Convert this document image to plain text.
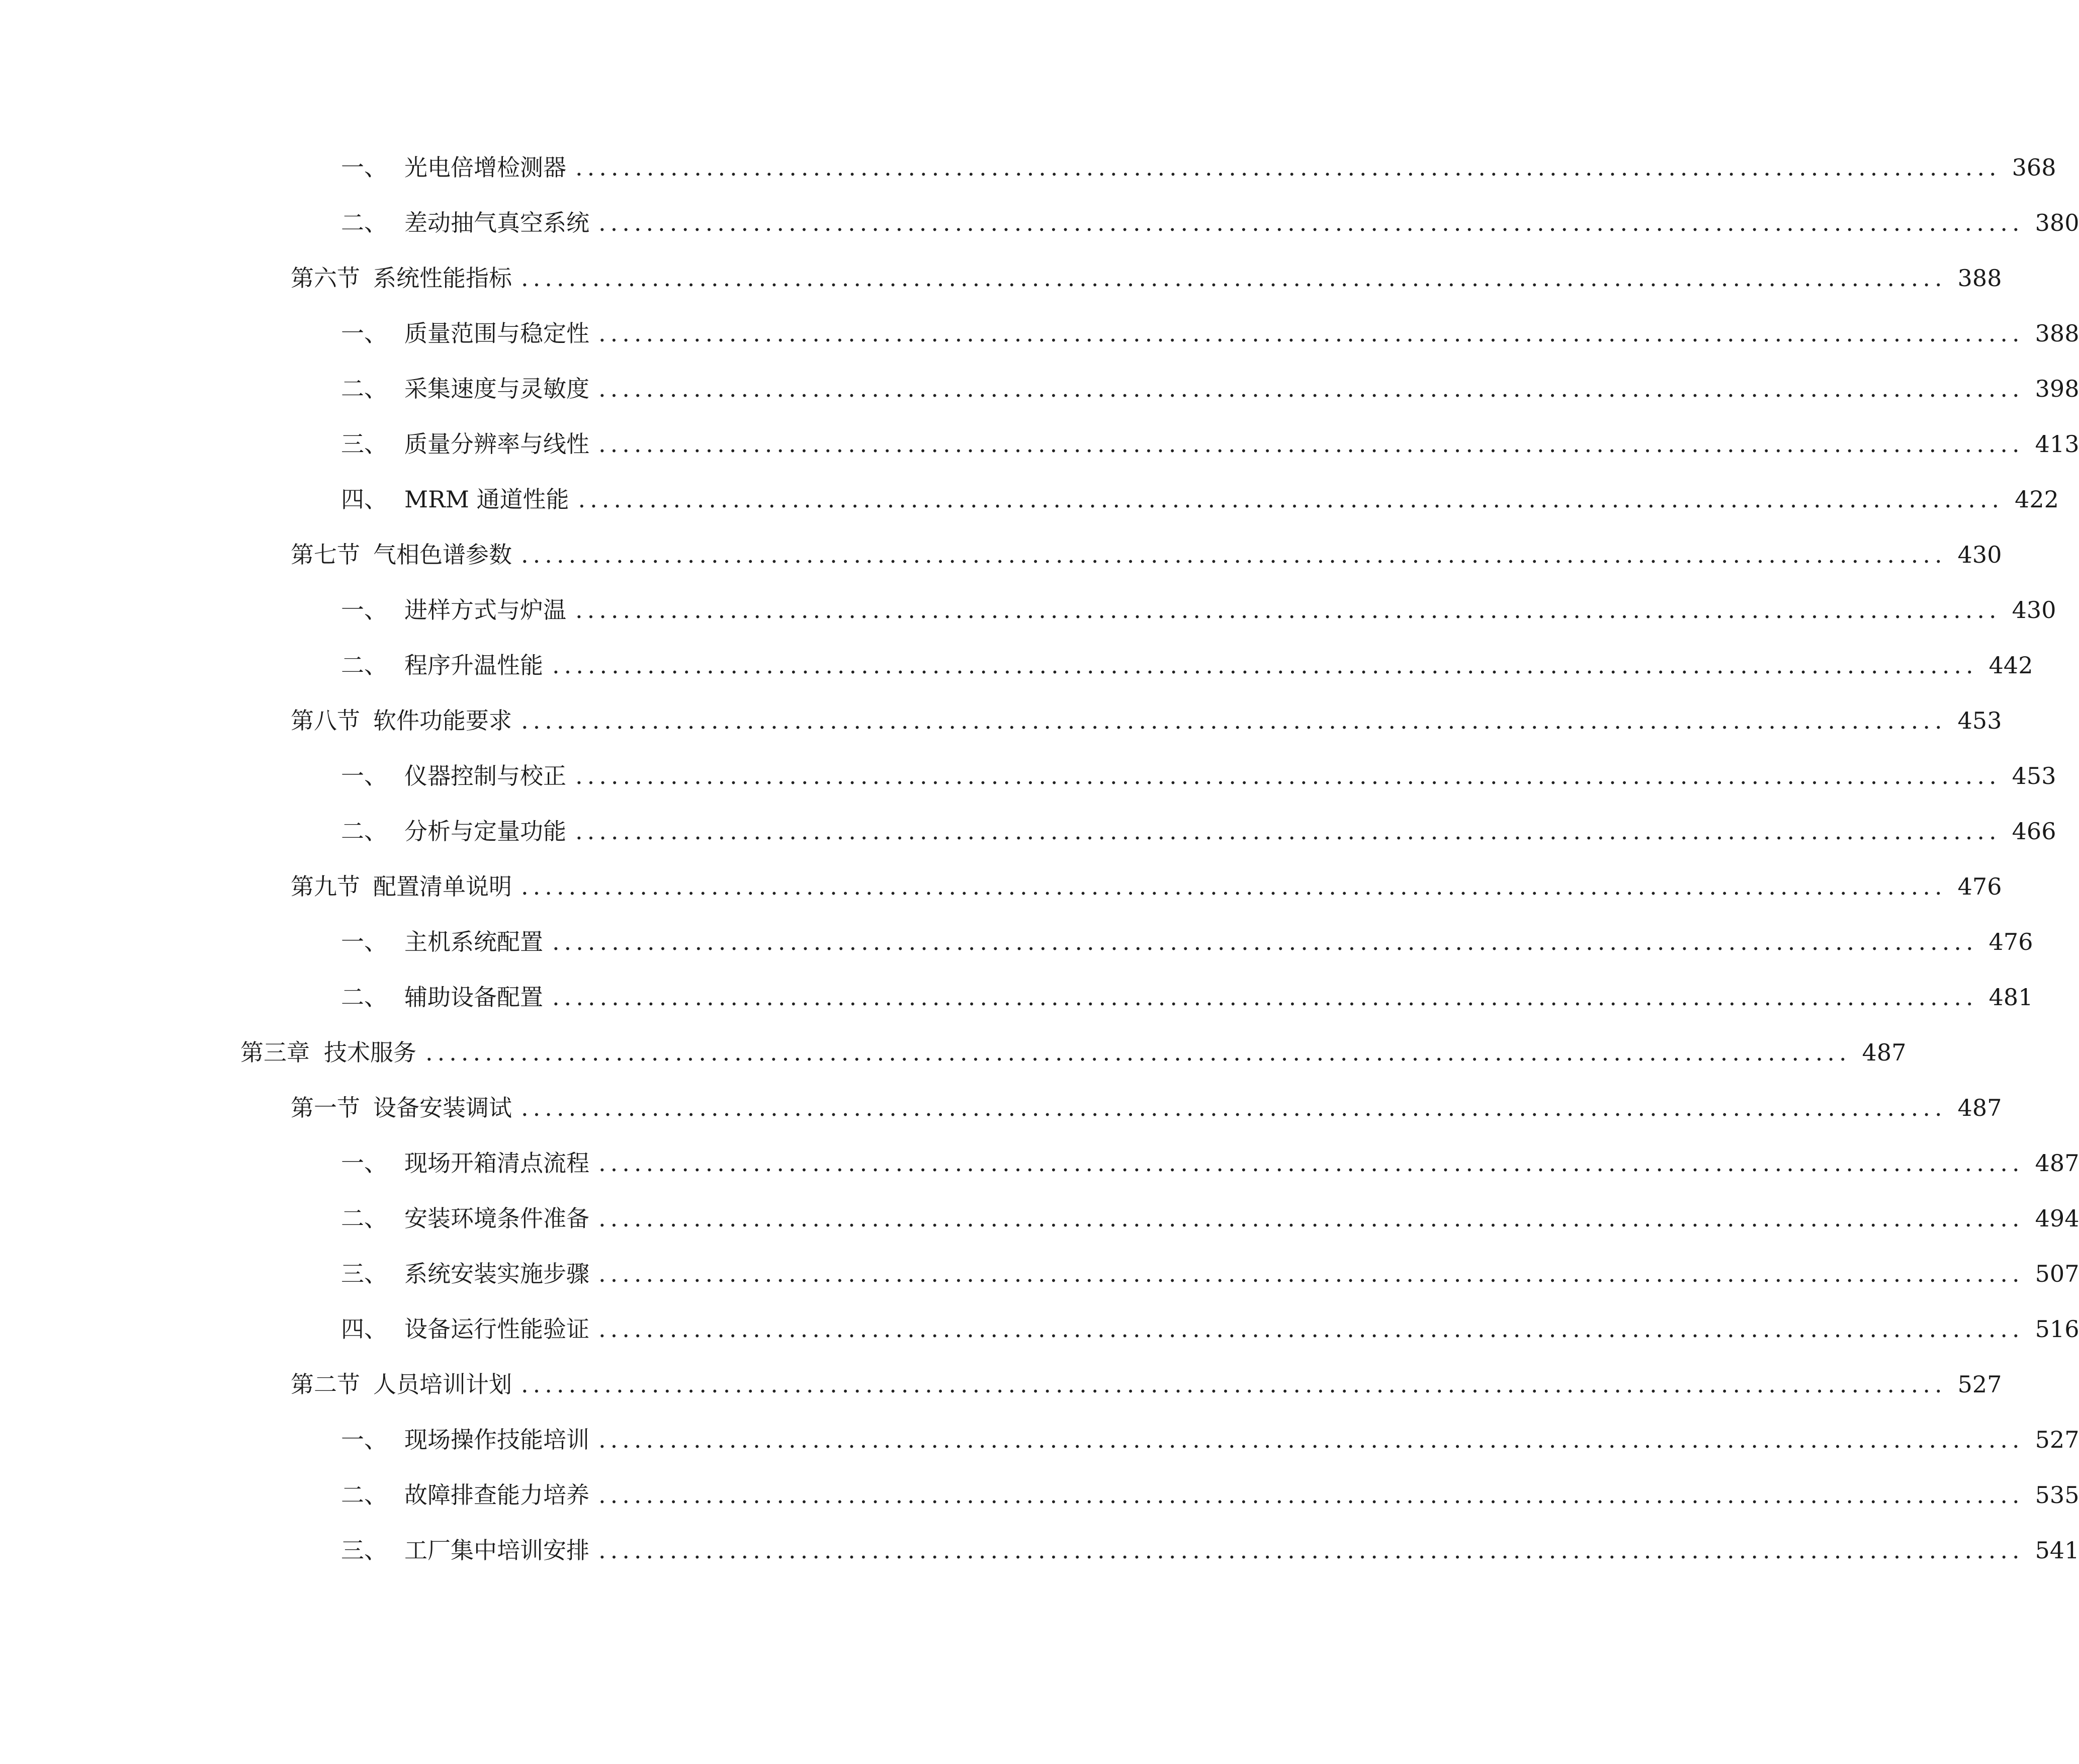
一、 光电倍增检测器 ........................................................................................................................ 368
二、 差动抽气真空系统 ........................................................................................................................ 380
第六节 系统性能指标 ........................................................................................................................ 388
一、 质量范围与稳定性 ........................................................................................................................ 388
二、 采集速度与灵敏度 ........................................................................................................................ 398
三、 质量分辨率与线性 ........................................................................................................................ 413
四、 MRM 通道性能 ........................................................................................................................ 422
第七节 气相色谱参数 ........................................................................................................................ 430
一、 进样方式与炉温 ........................................................................................................................ 430
二、 程序升温性能 ........................................................................................................................ 442
第八节 软件功能要求 ........................................................................................................................ 453
一、 仪器控制与校正 ........................................................................................................................ 453
二、 分析与定量功能 ........................................................................................................................ 466
第九节 配置清单说明 ........................................................................................................................ 476
一、 主机系统配置 ........................................................................................................................ 476
二、 辅助设备配置 ........................................................................................................................ 481
第三章 技术服务 ........................................................................................................................ 487
第一节 设备安装调试 ........................................................................................................................ 487
一、 现场开箱清点流程 ........................................................................................................................ 487
二、 安装环境条件准备 ........................................................................................................................ 494
三、 系统安装实施步骤 ........................................................................................................................ 507
四、 设备运行性能验证 ........................................................................................................................ 516
第二节 人员培训计划 ........................................................................................................................ 527
一、 现场操作技能培训 ........................................................................................................................ 527
二、 故障排查能力培养 ........................................................................................................................ 535
三、 工厂集中培训安排 ........................................................................................................................ 541
